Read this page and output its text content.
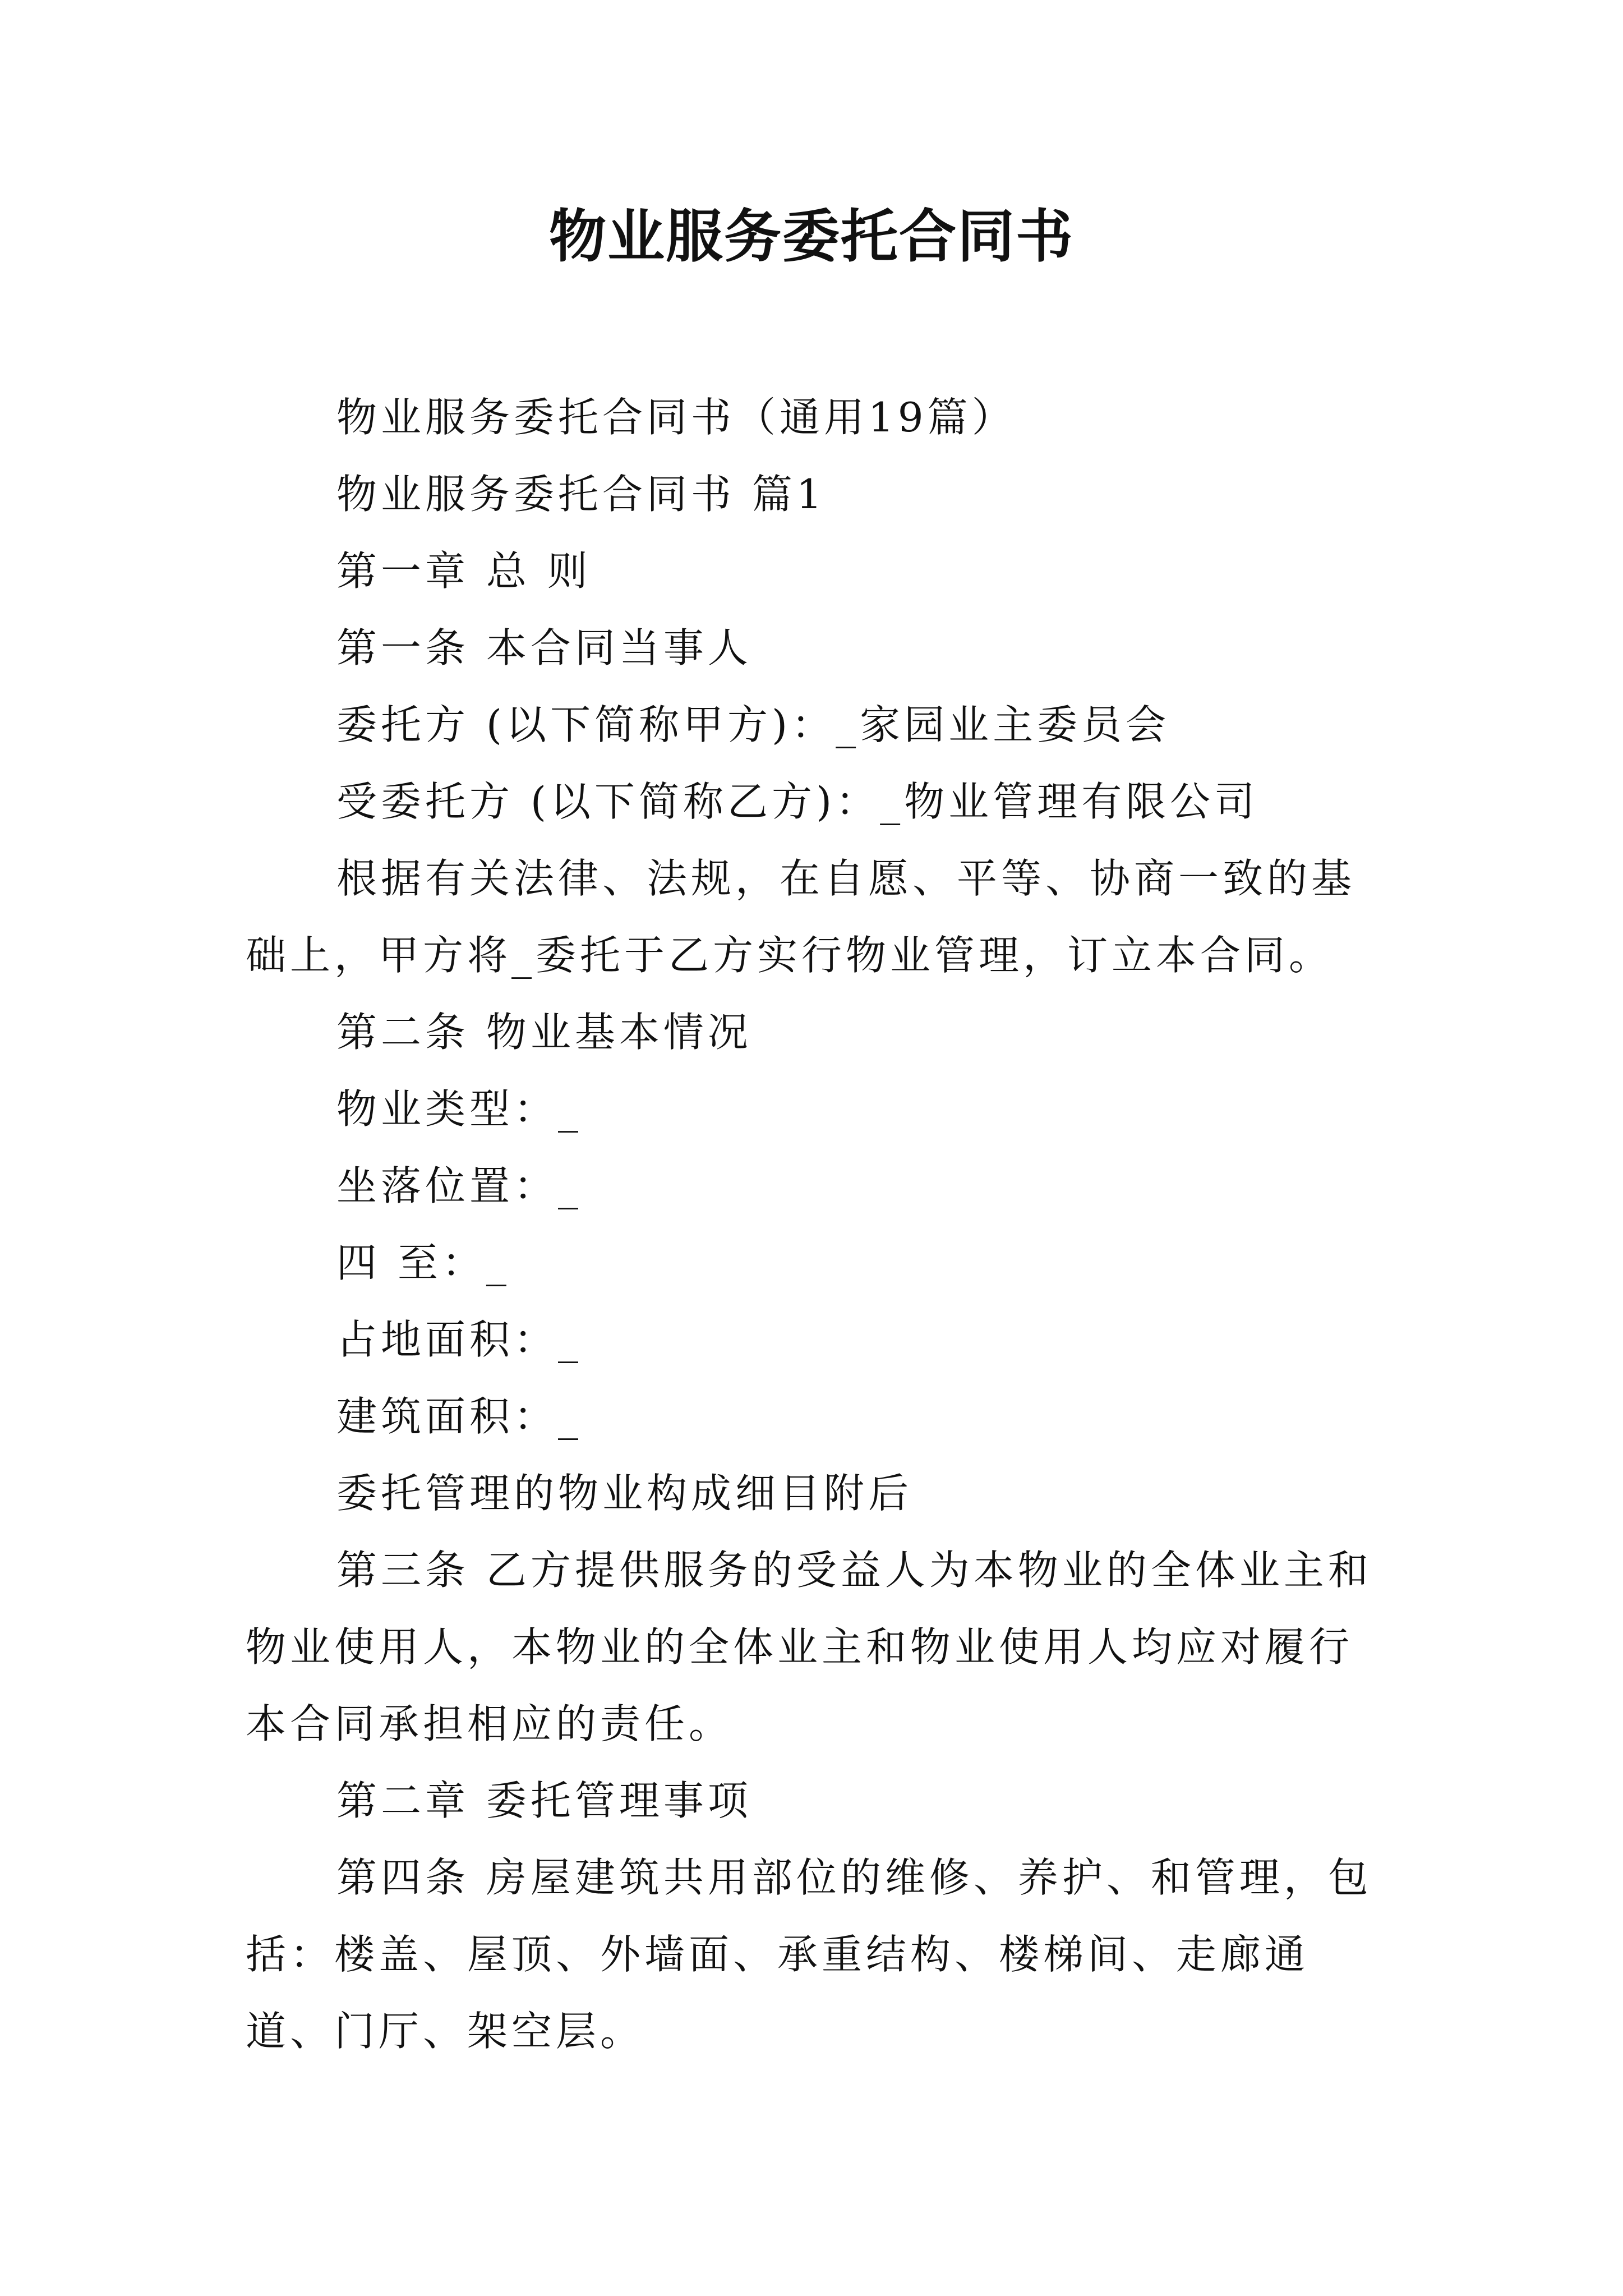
物业服务委托合同书

物业服务委托合同书（通用19篇）

物业服务委托合同书 篇1

第一章 总 则

第一条 本合同当事人

委托方 (以下简称甲方)：_家园业主委员会

受委托方 (以下简称乙方)：_物业管理有限公司

根据有关法律、法规，在自愿、平等、协商一致的基础上，甲方将_委托于乙方实行物业管理，订立本合同。

第二条 物业基本情况

物业类型：_

坐落位置：_

四 至：_

占地面积：_

建筑面积：_

委托管理的物业构成细目附后

第三条 乙方提供服务的受益人为本物业的全体业主和物业使用人，本物业的全体业主和物业使用人均应对履行本合同承担相应的责任。

第二章 委托管理事项

第四条 房屋建筑共用部位的维修、养护、和管理，包括：楼盖、屋顶、外墙面、承重结构、楼梯间、走廊通道、门厅、架空层。
